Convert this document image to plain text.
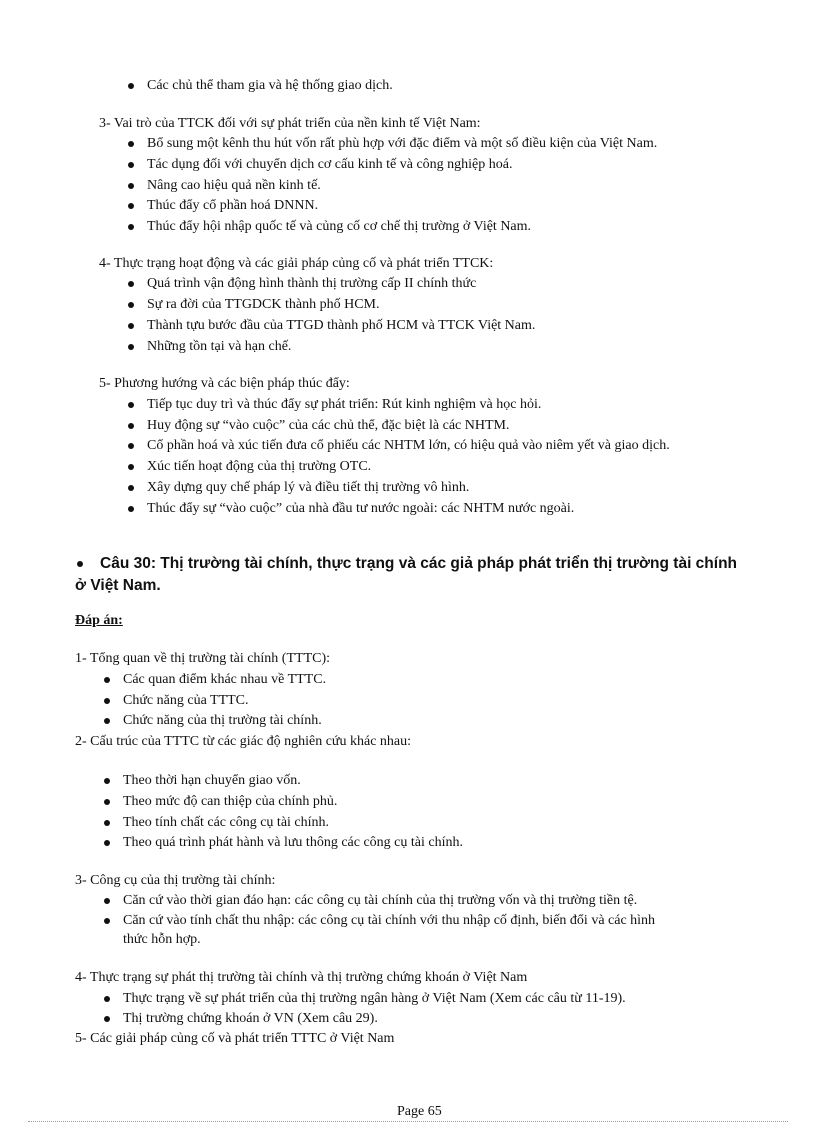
Các chủ thể tham gia và hệ thống giao dịch.
3- Vai trò của TTCK đối với sự phát triển của nền kinh tế Việt Nam:
Bổ sung một kênh thu hút vốn rất phù hợp với đặc điểm và một số điều kiện của Việt Nam.
Tác dụng đối với chuyển dịch cơ cấu kinh tế và công nghiệp hoá.
Nâng cao hiệu quả nền kinh tế.
Thúc đẩy cổ phần hoá DNNN.
Thúc đẩy hội nhập quốc tế và củng cố cơ chế thị trường ở Việt Nam.
4- Thực trạng hoạt động và các giải pháp củng cố và phát triển TTCK:
Quá trình vận động hình thành thị trường cấp II chính thức
Sự ra đời của TTGDCK thành phố HCM.
Thành tựu bước đầu của TTGD thành phố HCM và TTCK Việt Nam.
Những tồn tại và hạn chế.
5- Phương hướng và các biện pháp thúc đẩy:
Tiếp tục duy trì và thúc đẩy sự phát triển: Rút kinh nghiệm và học hỏi.
Huy động sự “vào cuộc” của các chủ thể, đặc biệt là các NHTM.
Cổ phần hoá và xúc tiến đưa cổ phiếu các NHTM lớn, có hiệu quả vào niêm yết và giao dịch.
Xúc tiến hoạt động của thị trường OTC.
Xây dựng quy chế pháp lý và điều tiết thị trường vô hình.
Thúc đẩy sự “vào cuộc” của nhà đầu tư nước ngoài: các NHTM nước ngoài.
Câu 30: Thị trường tài chính, thực trạng và các giả pháp phát triển thị trường tài chính
ở Việt Nam.
Đáp án:
1- Tổng quan về thị trường tài chính (TTTC):
Các quan điểm khác nhau về TTTC.
Chức năng của TTTC.
Chức năng của thị trường tài chính.
2- Cấu trúc của TTTC từ các giác độ nghiên cứu khác nhau:
Theo thời hạn chuyển giao vốn.
Theo mức độ can thiệp của chính phủ.
Theo tính chất các công cụ tài chính.
Theo quá trình phát hành và lưu thông các công cụ tài chính.
3- Công cụ của thị trường tài chính:
Căn cứ vào thời gian đáo hạn: các công cụ tài chính của thị trường vốn và thị trường tiền tệ.
Căn cứ vào tính chất thu nhập: các công cụ tài chính với thu nhập cố định, biến đổi và các hình
thức hỗn hợp.
4- Thực trạng sự phát thị trường tài chính và thị trường chứng khoán ở Việt Nam
Thực trạng về sự phát triển của thị trường ngân hàng ở Việt Nam (Xem các câu từ 11-19).
Thị trường chứng khoán ở VN (Xem câu 29).
5- Các giải pháp củng cố và phát triển TTTC ở Việt Nam
Page 65
